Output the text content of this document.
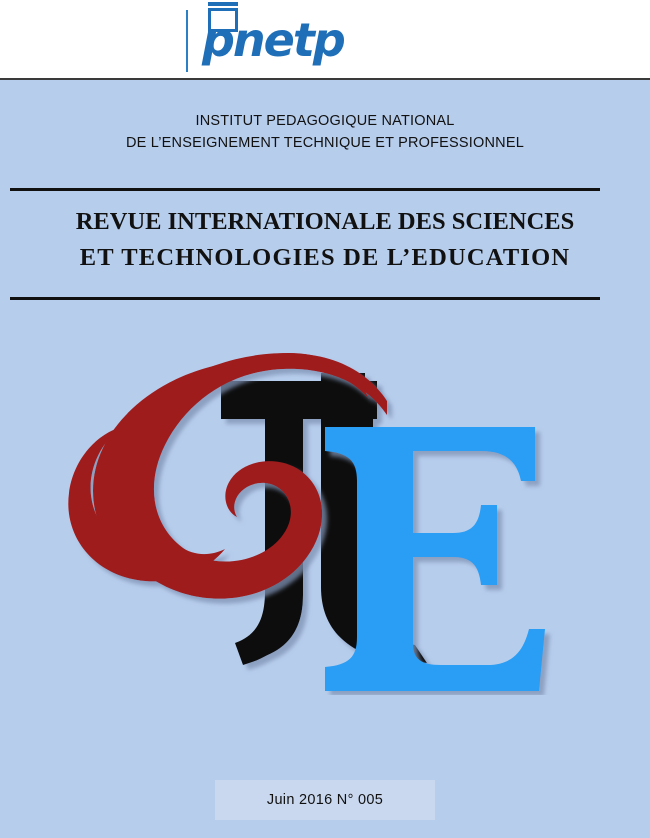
pnetp
INSTITUT PEDAGOGIQUE NATIONAL
DE L’ENSEIGNEMENT TECHNIQUE ET PROFESSIONNEL
REVUE INTERNATIONALE DES SCIENCES
ET TECHNOLOGIES DE L’EDUCATION
Juin 2016 N° 005
